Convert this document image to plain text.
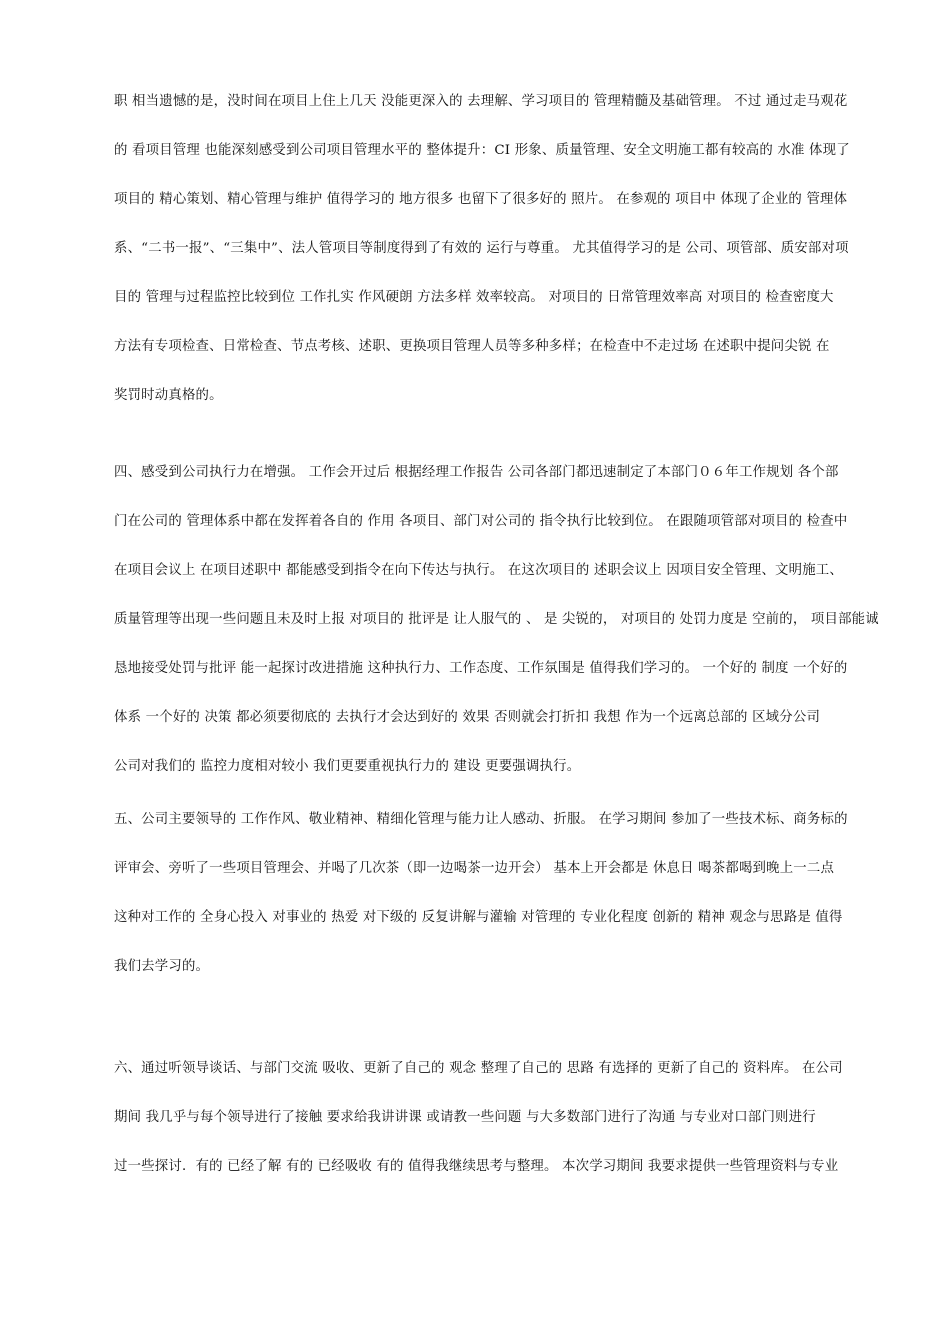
职 相当遗憾的是，没时间在项目上住上几天 没能更深入的 去理解、学习项目的 管理精髓及基础管理。 不过 通过走马观花
的 看项目管理 也能深刻感受到公司项目管理水平的 整体提升：CI 形象、质量管理、安全文明施工都有较高的 水准 体现了
项目的 精心策划、精心管理与维护 值得学习的 地方很多 也留下了很多好的 照片。 在参观的 项目中 体现了企业的 管理体
系、“二书一报”、“三集中”、法人管项目等制度得到了有效的 运行与尊重。 尤其值得学习的是 公司、项管部、质安部对项
目的 管理与过程监控比较到位 工作扎实 作风硬朗 方法多样 效率较高。 对项目的 日常管理效率高 对项目的 检查密度大
方法有专项检查、日常检查、节点考核、述职、更换项目管理人员等多种多样；在检查中不走过场 在述职中提问尖锐 在
奖罚时动真格的。
四、感受到公司执行力在增强。 工作会开过后 根据经理工作报告 公司各部门都迅速制定了本部门０６年工作规划 各个部
门在公司的 管理体系中都在发挥着各自的 作用 各项目、部门对公司的 指令执行比较到位。 在跟随项管部对项目的 检查中
在项目会议上 在项目述职中 都能感受到指令在向下传达与执行。 在这次项目的 述职会议上 因项目安全管理、文明施工、
质量管理等出现一些问题且未及时上报 对项目的 批评是 让人服气的 、 是 尖锐的， 对项目的 处罚力度是 空前的， 项目部能诚
恳地接受处罚与批评 能一起探讨改进措施 这种执行力、工作态度、工作氛围是 值得我们学习的。 一个好的 制度 一个好的
体系 一个好的 决策 都必须要彻底的 去执行才会达到好的 效果 否则就会打折扣 我想 作为一个远离总部的 区域分公司
公司对我们的 监控力度相对较小 我们更要重视执行力的 建设 更要强调执行。
五、公司主要领导的 工作作风、敬业精神、精细化管理与能力让人感动、折服。 在学习期间 参加了一些技术标、商务标的
评审会、旁听了一些项目管理会、并喝了几次茶（即一边喝茶一边开会） 基本上开会都是 休息日 喝茶都喝到晚上一二点
这种对工作的 全身心投入 对事业的 热爱 对下级的 反复讲解与灌输 对管理的 专业化程度 创新的 精神 观念与思路是 值得
我们去学习的。
六、通过听领导谈话、与部门交流 吸收、更新了自己的 观念 整理了自己的 思路 有选择的 更新了自己的 资料库。 在公司
期间 我几乎与每个领导进行了接触 要求给我讲讲课 或请教一些问题 与大多数部门进行了沟通 与专业对口部门则进行
过一些探讨．有的 已经了解 有的 已经吸收 有的 值得我继续思考与整理。 本次学习期间 我要求提供一些管理资料与专业
